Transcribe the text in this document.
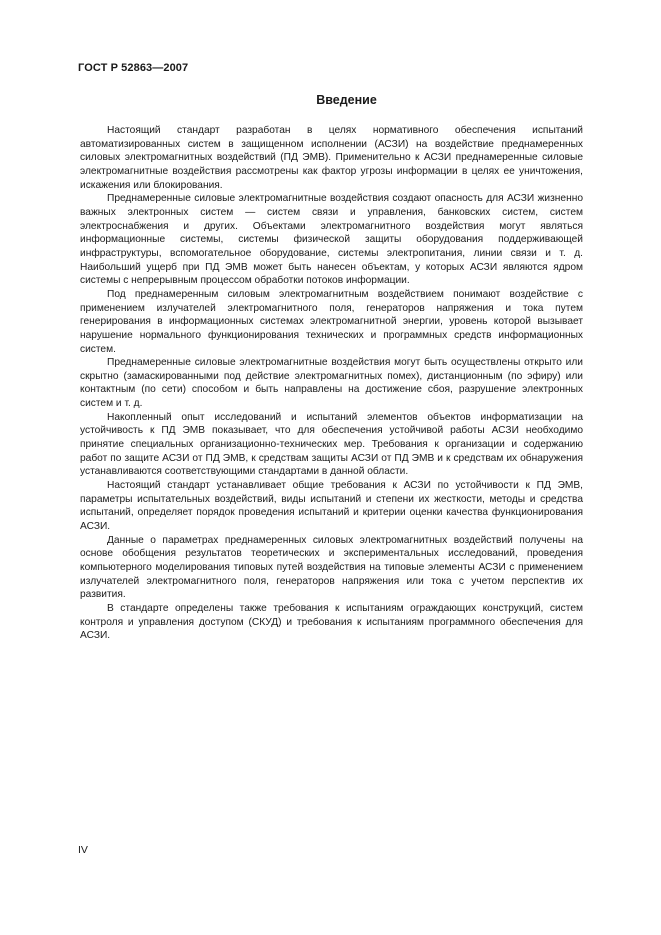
ГОСТ Р 52863—2007
Введение

Настоящий стандарт разработан в целях нормативного обеспечения испытаний автоматизированных систем в защищенном исполнении (АСЗИ) на воздействие преднамеренных силовых электромагнитных воздействий (ПД ЭМВ). Применительно к АСЗИ преднамеренные силовые электромагнитные воздействия рассмотрены как фактор угрозы информации в целях ее уничтожения, искажения или блокирования.

Преднамеренные силовые электромагнитные воздействия создают опасность для АСЗИ жизненно важных электронных систем — систем связи и управления, банковских систем, систем электроснабжения и других. Объектами электромагнитного воздействия могут являться информационные системы, системы физической защиты оборудования поддерживающей инфраструктуры, вспомогательное оборудование, системы электропитания, линии связи и т. д. Наибольший ущерб при ПД ЭМВ может быть нанесен объектам, у которых АСЗИ являются ядром системы с непрерывным процессом обработки потоков информации.

Под преднамеренным силовым электромагнитным воздействием понимают воздействие с применением излучателей электромагнитного поля, генераторов напряжения и тока путем генерирования в информационных системах электромагнитной энергии, уровень которой вызывает нарушение нормального функционирования технических и программных средств информационных систем.

Преднамеренные силовые электромагнитные воздействия могут быть осуществлены открыто или скрытно (замаскированными под действие электромагнитных помех), дистанционным (по эфиру) или контактным (по сети) способом и быть направлены на достижение сбоя, разрушение электронных систем и т. д.

Накопленный опыт исследований и испытаний элементов объектов информатизации на устойчивость к ПД ЭМВ показывает, что для обеспечения устойчивой работы АСЗИ необходимо принятие специальных организационно-технических мер. Требования к организации и содержанию работ по защите АСЗИ от ПД ЭМВ, к средствам защиты АСЗИ от ПД ЭМВ и к средствам их обнаружения устанавливаются соответствующими стандартами в данной области.

Настоящий стандарт устанавливает общие требования к АСЗИ по устойчивости к ПД ЭМВ, параметры испытательных воздействий, виды испытаний и степени их жесткости, методы и средства испытаний, определяет порядок проведения испытаний и критерии оценки качества функционирования АСЗИ.

Данные о параметрах преднамеренных силовых электромагнитных воздействий получены на основе обобщения результатов теоретических и экспериментальных исследований, проведения компьютерного моделирования типовых путей воздействия на типовые элементы АСЗИ с применением излучателей электромагнитного поля, генераторов напряжения или тока с учетом перспектив их развития.

В стандарте определены также требования к испытаниям ограждающих конструкций, систем контроля и управления доступом (СКУД) и требования к испытаниям программного обеспечения для АСЗИ.

IV
